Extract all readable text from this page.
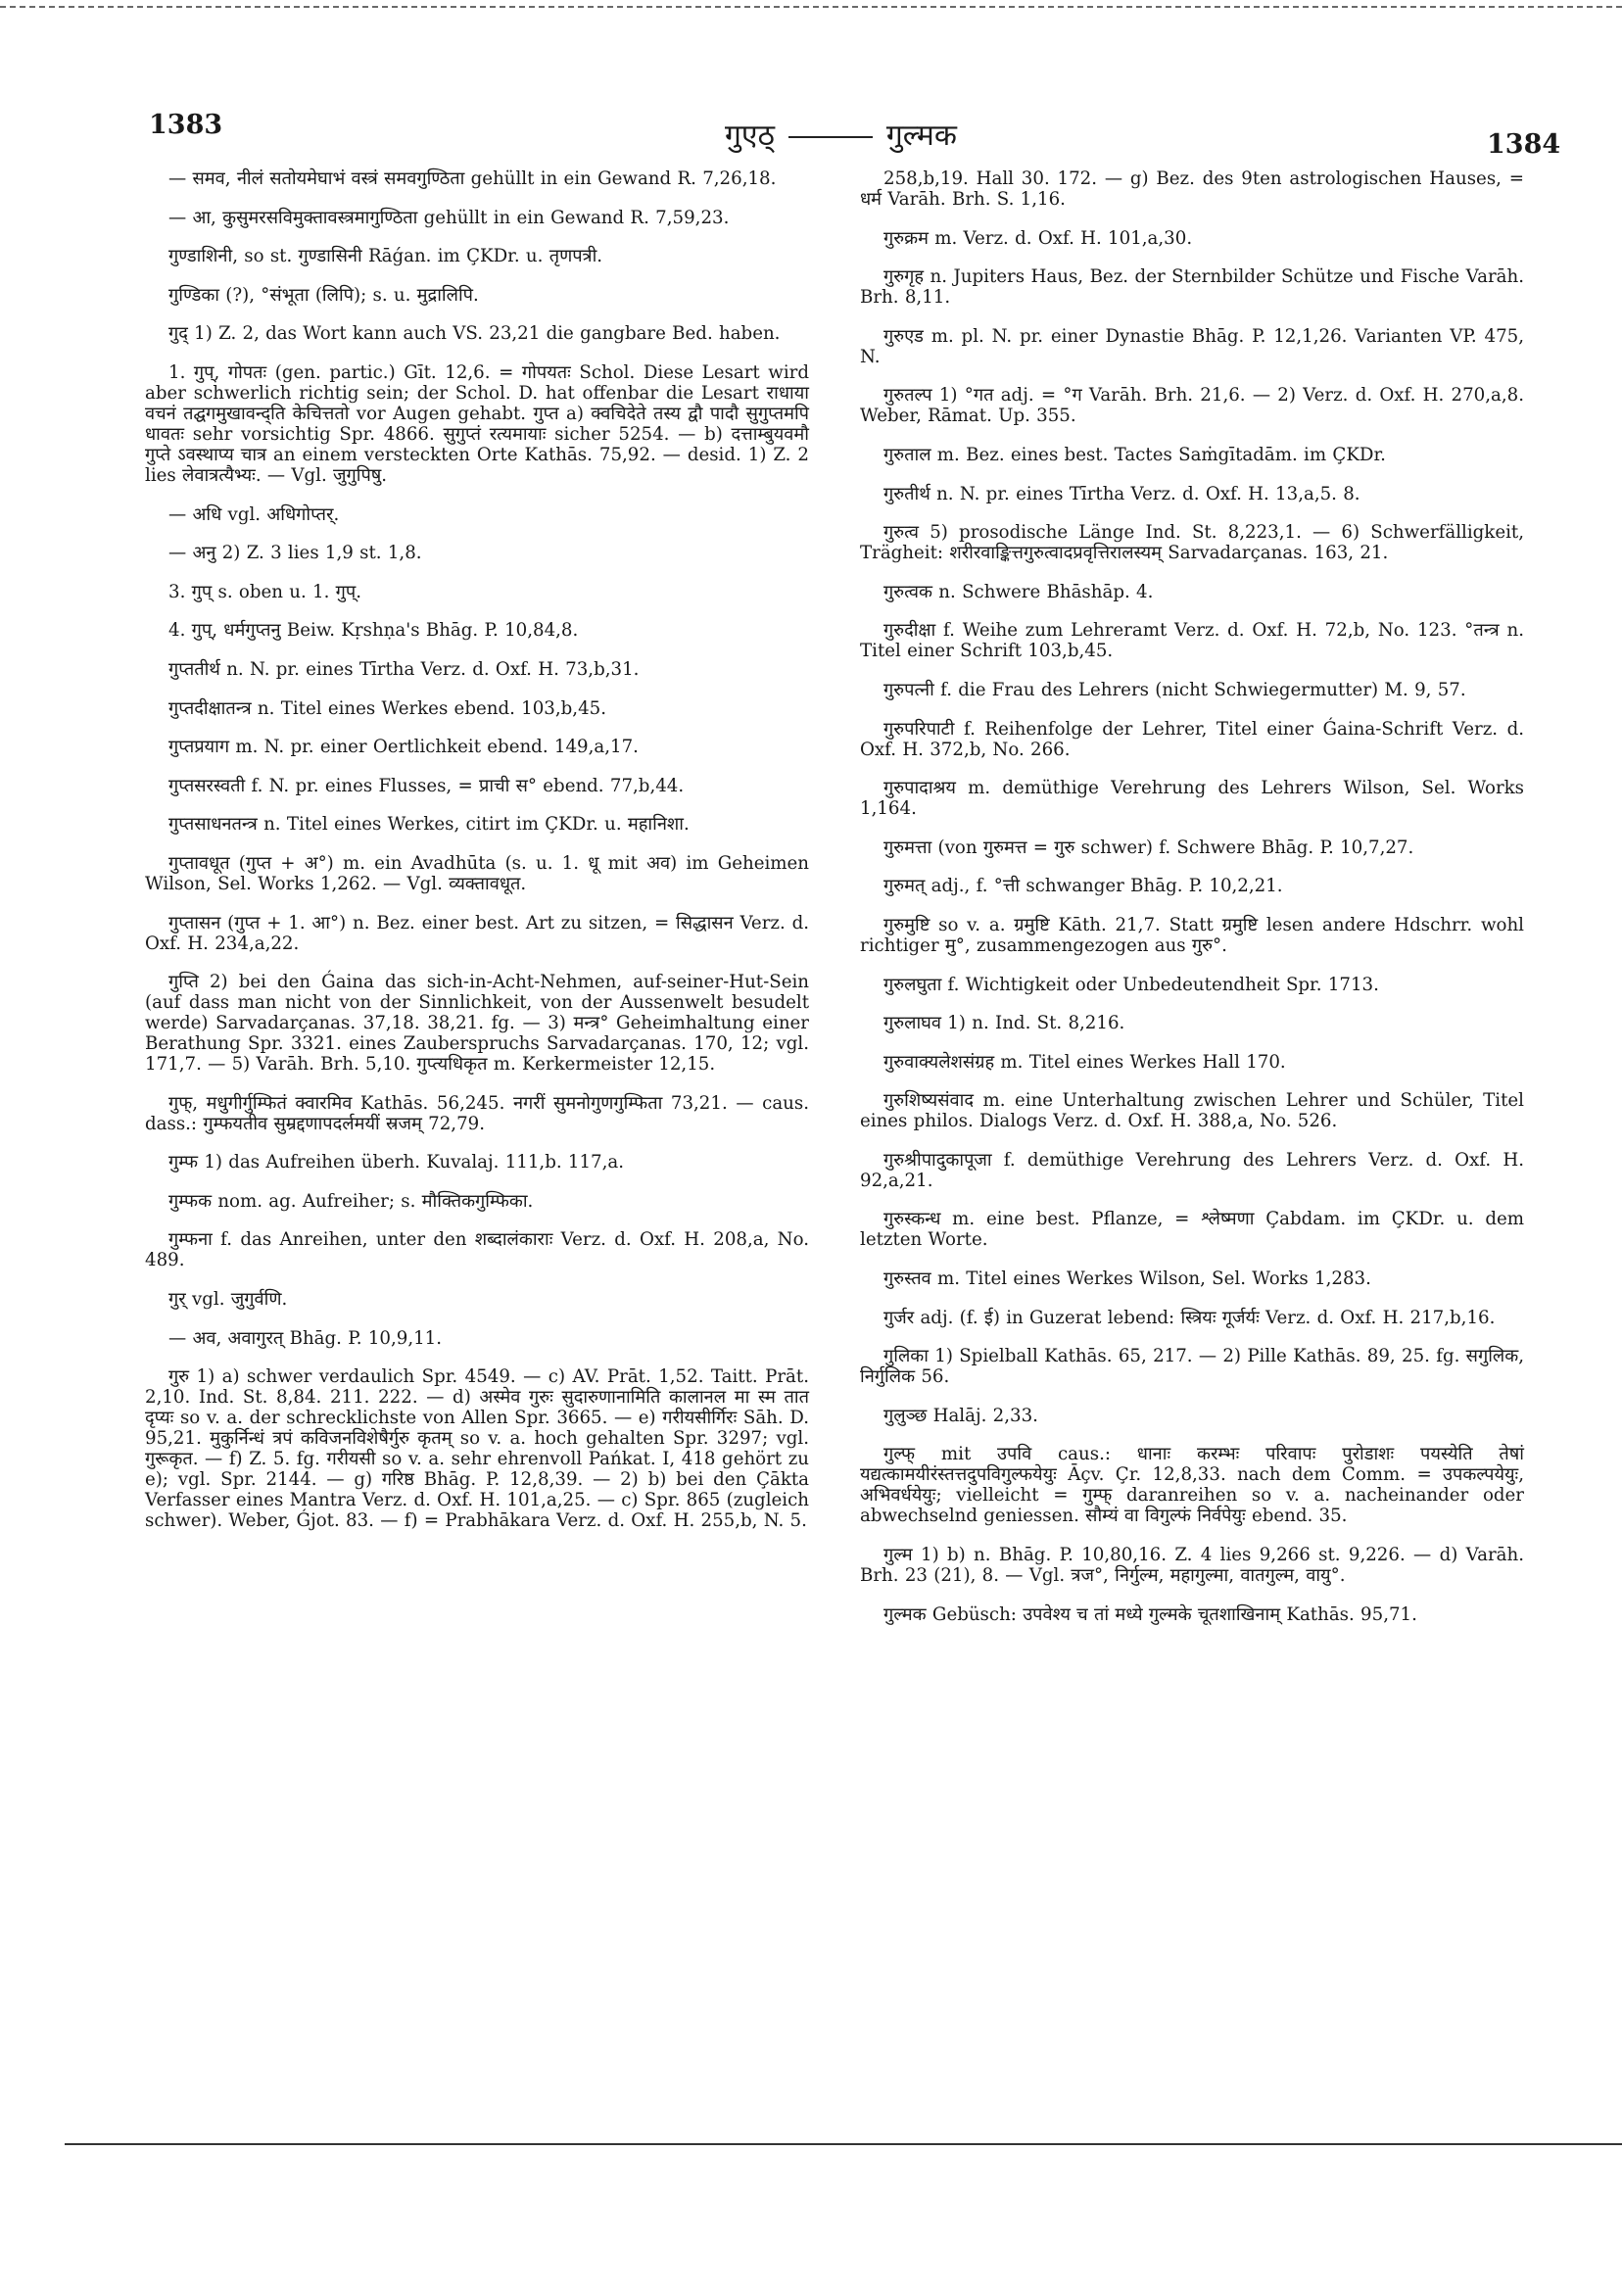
1383	गुएठ्	गुल्मक	1384

— समव, नीलं सतोयमेघाभं वस्त्रं समवगुण्ठिता gehüllt in ein Gewand R. 7,26,18.

— आ, कुसुमरसविमुक्तावस्त्रमागुण्ठिता gehüllt in ein Gewand R. 7,59,23.

गुण्डाशिनी, so st. गुण्डासिनी Rāǵan. im ÇKDr. u. तृणपत्री.

गुण्डिका (?), °संभूता (लिपि); s. u. मुद्रालिपि.

गुद् 1) Z. 2, das Wort kann auch VS. 23,21 die gangbare Bed. haben.

1. गुप्, गोपतः (gen. partic.) Gīt. 12,6. = गोपयतः Schol. Diese Lesart wird aber schwerlich richtig sein; der Schol. D. hat offenbar die Lesart राधाया वचनं तद्घगमुखावन्द्ति केचित्ततो vor Augen gehabt. गुप्त a) क्वचिदेते तस्य द्वौ पादौ सुगुप्तमपि धावतः sehr vorsichtig Spr. 4866. सुगुप्तं रत्यमायाः sicher 5254. — b) दत्ताम्बुयवमौ गुप्ते ऽवस्थाप्य चात्र an einem versteckten Orte Kathās. 75,92. — desid. 1) Z. 2 lies लेवात्रत्यैभ्यः. — Vgl. जुगुपिषु.

— अधि vgl. अधिगोप्तर्.

— अनु 2) Z. 3 lies 1,9 st. 1,8.

3. गुप् s. oben u. 1. गुप्.

4. गुप्, धर्मगुप्तनु Beiw. Kṛshṇa's Bhāg. P. 10,84,8.

गुप्ततीर्थ n. N. pr. eines Tīrtha Verz. d. Oxf. H. 73,b,31.

गुप्तदीक्षातन्त्र n. Titel eines Werkes ebend. 103,b,45.

गुप्तप्रयाग m. N. pr. einer Oertlichkeit ebend. 149,a,17.

गुप्तसरस्वती f. N. pr. eines Flusses, = प्राची स° ebend. 77,b,44.

गुप्तसाधनतन्त्र n. Titel eines Werkes, citirt im ÇKDr. u. महानिशा.

गुप्तावधूत (गुप्त + अ°) m. ein Avadhūta (s. u. 1. धू mit अव) im Geheimen Wilson, Sel. Works 1,262. — Vgl. व्यक्तावधूत.

गुप्तासन (गुप्त + 1. आ°) n. Bez. einer best. Art zu sitzen, = सिद्धासन Verz. d. Oxf. H. 234,a,22.

गुप्ति 2) bei den Ǵaina das sich-in-Acht-Nehmen, auf-seiner-Hut-Sein (auf dass man nicht von der Sinnlichkeit, von der Aussenwelt besudelt werde) Sarvadarçanas. 37,18. 38,21. fg. — 3) मन्त्र° Geheimhaltung einer Berathung Spr. 3321. eines Zauberspruchs Sarvadarçanas. 170, 12; vgl. 171,7. — 5) Varāh. Brh. 5,10. गुप्त्यधिकृत m. Kerkermeister 12,15.

गुफ्, मधुगीर्गुम्फितं क्वारमिव Kathās. 56,245. नगरीं सुमनोगुणगुम्फिता 73,21. — caus. dass.: गुम्फयतीव सुम्रद्दणापदर्लमयीं स्रजम् 72,79.

गुम्फ 1) das Aufreihen überh. Kuvalaj. 111,b. 117,a.

गुम्फक nom. ag. Aufreiher; s. मौक्तिकगुम्फिका.

गुम्फना f. das Anreihen, unter den शब्दालंकाराः Verz. d. Oxf. H. 208,a, No. 489.

गुर् vgl. जुगुर्वणि.

— अव, अवागुरत् Bhāg. P. 10,9,11.

गुरु 1) a) schwer verdaulich Spr. 4549. — c) AV. Prāt. 1,52. Taitt. Prāt. 2,10. Ind. St. 8,84. 211. 222. — d) अस्मेव गुरुः सुदारुणानामिति कालानल मा स्म तात दृप्यः so v. a. der schrecklichste von Allen Spr. 3665. — e) गरीयसीर्गिरः Sāh. D. 95,21. मुकुर्निन्धं त्रपं कविजनविशेषैर्गुरु कृतम् so v. a. hoch gehalten Spr. 3297; vgl. गुरूकृत. — f) Z. 5. fg. गरीयसी so v. a. sehr ehrenvoll Pańkat. I, 418 gehört zu e); vgl. Spr. 2144. — g) गरिष्ठ Bhāg. P. 12,8,39. — 2) b) bei den Çākta Verfasser eines Mantra Verz. d. Oxf. H. 101,a,25. — c) Spr. 865 (zugleich schwer). Weber, Ǵjot. 83. — f) = Prabhākara Verz. d. Oxf. H. 255,b, N. 5.

258,b,19. Hall 30. 172. — g) Bez. des 9ten astrologischen Hauses, = धर्म Varāh. Brh. S. 1,16.

गुरुक्रम m. Verz. d. Oxf. H. 101,a,30.

गुरुगृह n. Jupiters Haus, Bez. der Sternbilder Schütze und Fische Varāh. Brh. 8,11.

गुरुएड m. pl. N. pr. einer Dynastie Bhāg. P. 12,1,26. Varianten VP. 475, N.

गुरुतल्प 1) °गत adj. = °ग Varāh. Brh. 21,6. — 2) Verz. d. Oxf. H. 270,a,8. Weber, Rāmat. Up. 355.

गुरुताल m. Bez. eines best. Tactes Saṁgītadām. im ÇKDr.

गुरुतीर्थ n. N. pr. eines Tīrtha Verz. d. Oxf. H. 13,a,5. 8.

गुरुत्व 5) prosodische Länge Ind. St. 8,223,1. — 6) Schwerfälligkeit, Trägheit: शरीरवाङ्कित्तगुरुत्वादप्रवृत्तिरालस्यम् Sarvadarçanas. 163, 21.

गुरुत्वक n. Schwere Bhāshāp. 4.

गुरुदीक्षा f. Weihe zum Lehreramt Verz. d. Oxf. H. 72,b, No. 123. °तन्त्र n. Titel einer Schrift 103,b,45.

गुरुपत्नी f. die Frau des Lehrers (nicht Schwiegermutter) M. 9, 57.

गुरुपरिपाटी f. Reihenfolge der Lehrer, Titel einer Ǵaina-Schrift Verz. d. Oxf. H. 372,b, No. 266.

गुरुपादाश्रय m. demüthige Verehrung des Lehrers Wilson, Sel. Works 1,164.

गुरुमत्ता (von गुरुमत्त = गुरु schwer) f. Schwere Bhāg. P. 10,7,27.

गुरुमत् adj., f. °त्ती schwanger Bhāg. P. 10,2,21.

गुरुमुष्टि so v. a. ग्रमुष्टि Kāth. 21,7. Statt ग्रमुष्टि lesen andere Hdschrr. wohl richtiger मु°, zusammengezogen aus गुरु°.

गुरुलघुता f. Wichtigkeit oder Unbedeutendheit Spr. 1713.

गुरुलाघव 1) n. Ind. St. 8,216.

गुरुवाक्यलेशसंग्रह m. Titel eines Werkes Hall 170.

गुरुशिष्यसंवाद m. eine Unterhaltung zwischen Lehrer und Schüler, Titel eines philos. Dialogs Verz. d. Oxf. H. 388,a, No. 526.

गुरुश्रीपादुकापूजा f. demüthige Verehrung des Lehrers Verz. d. Oxf. H. 92,a,21.

गुरुस्कन्ध m. eine best. Pflanze, = श्लेष्मणा Çabdam. im ÇKDr. u. dem letzten Worte.

गुरुस्तव m. Titel eines Werkes Wilson, Sel. Works 1,283.

गुर्जर adj. (f. ई) in Guzerat lebend: स्त्रियः गूर्जर्यः Verz. d. Oxf. H. 217,b,16.

गुलिका 1) Spielball Kathās. 65, 217. — 2) Pille Kathās. 89, 25. fg. सगुलिक, निर्गुलिक 56.

गुलुञ्छ Halāj. 2,33.

गुल्फ् mit उपवि caus.: धानाः करम्भः परिवापः पुरोडाशः पयस्येति तेषां यद्यत्कामयीरंस्तत्तदुपविगुल्फयेयुः Āçv. Çr. 12,8,33. nach dem Comm. = उपकल्पयेयुः, अभिवर्धयेयुः; vielleicht = गुम्फ् daranreihen so v. a. nacheinander oder abwechselnd geniessen. सौम्यं वा विगुल्फं निर्वपेयुः ebend. 35.

गुल्म 1) b) n. Bhāg. P. 10,80,16. Z. 4 lies 9,266 st. 9,226. — d) Varāh. Brh. 23 (21), 8. — Vgl. त्रज°, निर्गुल्म, महागुल्मा, वातगुल्म, वायु°.

गुल्मक Gebüsch: उपवेश्य च तां मध्ये गुल्मके चूतशाखिनाम् Kathās. 95,71.
